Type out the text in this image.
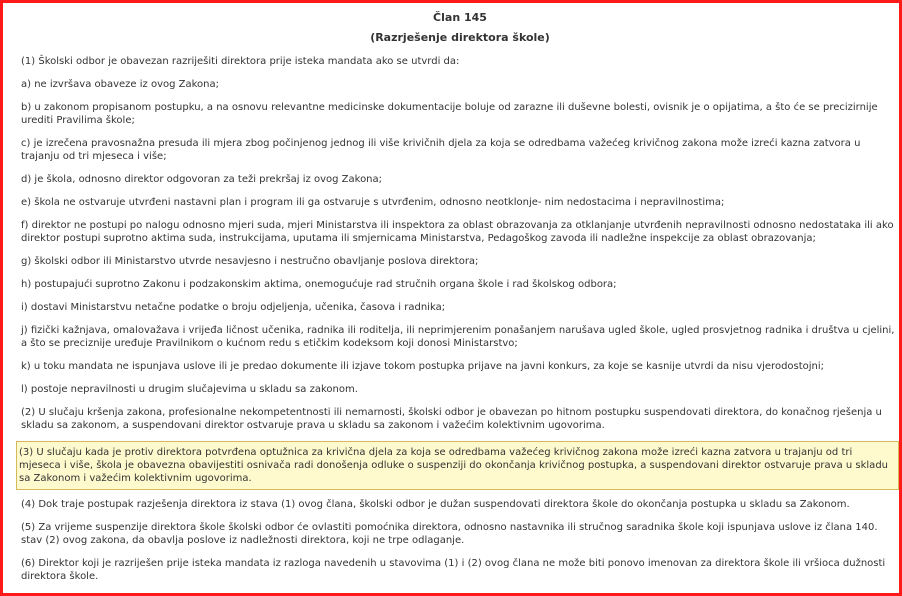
Član 145
(Razrješenje direktora škole)

(1) Školski odbor je obavezan razriješiti direktora prije isteka mandata ako se utvrdi da:

a) ne izvršava obaveze iz ovog Zakona;

b) u zakonom propisanom postupku, a na osnovu relevantne medicinske dokumentacije boluje od zarazne ili duševne bolesti, ovisnik je o opijatima, a što će se precizirnije urediti Pravilima škole;

c) je izrečena pravosnažna presuda ili mjera zbog počinjenog jednog ili više krivičnih djela za koja se odredbama važećeg krivičnog zakona može izreći kazna zatvora u trajanju od tri mjeseca i više;

d) je škola, odnosno direktor odgovoran za teži prekršaj iz ovog Zakona;

e) škola ne ostvaruje utvrđeni nastavni plan i program ili ga ostvaruje s utvrđenim, odnosno neotklonje- nim nedostacima i nepravilnostima;

f) direktor ne postupi po nalogu odnosno mjeri suda, mjeri Ministarstva ili inspektora za oblast obrazovanja za otklanjanje utvrđenih nepravilnosti odnosno nedostataka ili ako direktor postupi suprotno aktima suda, instrukcijama, uputama ili smjernicama Ministarstva, Pedagoškog zavoda ili nadležne inspekcije za oblast obrazovanja;

g) školski odbor ili Ministarstvo utvrde nesavjesno i nestručno obavljanje poslova direktora;

h) postupajući suprotno Zakonu i podzakonskim aktima, onemogućuje rad stručnih organa škole i rad školskog odbora;

i) dostavi Ministarstvu netačne podatke o broju odjeljenja, učenika, časova i radnika;

j) fizički kažnjava, omalovažava i vrijeđa ličnost učenika, radnika ili roditelja, ili neprimjerenim ponašanjem narušava ugled škole, ugled prosvjetnog radnika i društva u cjelini, a što se preciznije uređuje Pravilnikom o kućnom redu s etičkim kodeksom koji donosi Ministarstvo;

k) u toku mandata ne ispunjava uslove ili je predao dokumente ili izjave tokom postupka prijave na javni konkurs, za koje se kasnije utvrdi da nisu vjerodostojni;

l) postoje nepravilnosti u drugim slučajevima u skladu sa zakonom.

(2) U slučaju kršenja zakona, profesionalne nekompetentnosti ili nemarnosti, školski odbor je obavezan po hitnom postupku suspendovati direktora, do konačnog rješenja u skladu sa zakonom, a suspendovani direktor ostvaruje prava u skladu sa zakonom i važećim kolektivnim ugovorima.

(3) U slučaju kada je protiv direktora potvrđena optužnica za krivična djela za koja se odredbama važećeg krivičnog zakona može izreći kazna zatvora u trajanju od tri mjeseca i više, škola je obavezna obavijestiti osnivača radi donošenja odluke o suspenziji do okončanja krivičnog postupka, a suspendovani direktor ostvaruje prava u skladu sa Zakonom i važećim kolektivnim ugovorima.

(4) Dok traje postupak razješenja direktora iz stava (1) ovog člana, školski odbor je dužan suspendovati direktora škole do okončanja postupka u skladu sa Zakonom.

(5) Za vrijeme suspenzije direktora škole školski odbor će ovlastiti pomoćnika direktora, odnosno nastavnika ili stručnog saradnika škole koji ispunjava uslove iz člana 140. stav (2) ovog zakona, da obavlja poslove iz nadležnosti direktora, koji ne trpe odlaganje.

(6) Direktor koji je razriješen prije isteka mandata iz razloga navedenih u stavovima (1) i (2) ovog člana ne može biti ponovo imenovan za direktora škole ili vršioca dužnosti direktora škole.
